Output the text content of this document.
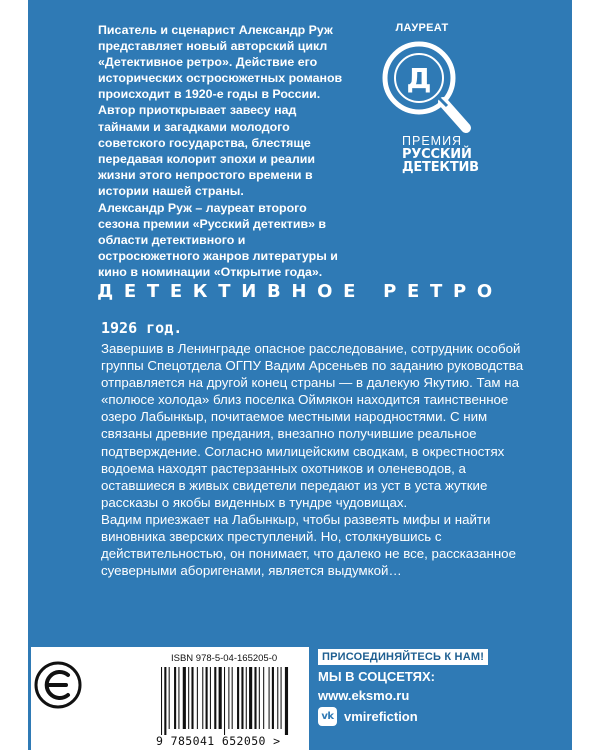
Писатель и сценарист Александр Руж представляет новый авторский цикл «Детективное ретро». Действие его исторических остросюжетных романов происходит в 1920-е годы в России. Автор приоткрывает завесу над тайнами и загадками молодого советского государства, блестяще передавая колорит эпохи и реалии жизни этого непростого времени в истории нашей страны.

Александр Руж – лауреат второго сезона премии «Русский детектив» в области детективного и остросюжетного жанров литературы и кино в номинации «Открытие года».

ЛАУРЕАТ
Д
ПРЕМИЯ
РУССКИЙ
ДЕТЕКТИВ
ДЕТЕКТИВНОЕ РЕТРО
1926 год.

Завершив в Ленинграде опасное расследование, сотрудник особой группы Спецотдела ОГПУ Вадим Арсеньев по заданию руководства отправляется на другой конец страны — в далекую Якутию. Там на «полюсе холода» близ поселка Оймякон находится таинственное озеро Лабынкыр, почитаемое местными народностями. С ним связаны древние предания, внезапно получившие реальное подтверждение. Согласно милицейским сводкам, в окрестностях водоема находят растерзанных охотников и оленеводов, а оставшиеся в живых свидетели передают из уст в уста жуткие рассказы о якобы виденных в тундре чудовищах.

Вадим приезжает на Лабынкыр, чтобы развеять мифы и найти виновника зверских преступлений. Но, столкнувшись с действительностью, он понимает, что далеко не все, рассказанное суеверными аборигенами, является выдумкой…

ISBN 978-5-04-165205-0
9 785041 652050 >
ПРИСОЕДИНЯЙТЕСЬ К НАМ!
МЫ В СОЦСЕТЯХ:
www.eksmo.ru
vk vmirefiction
